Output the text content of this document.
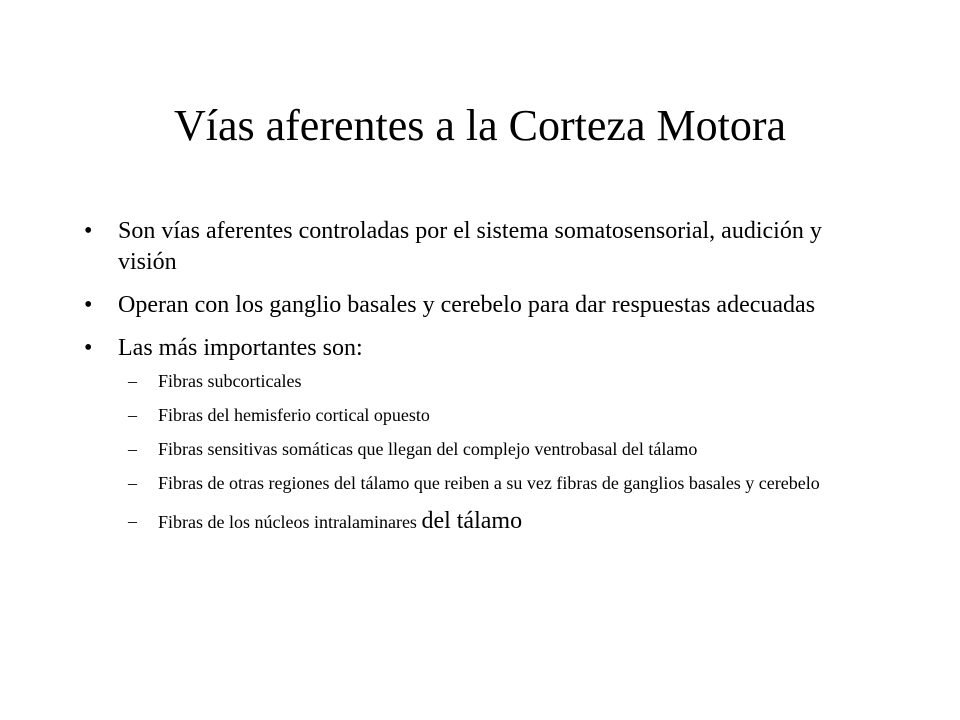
Vías aferentes a la Corteza Motora
•	Son vías aferentes controladas por el sistema somatosensorial, audición y visión
•	Operan con los ganglio basales y cerebelo para dar respuestas adecuadas
•	Las más importantes son:
– Fibras subcorticales
– Fibras del hemisferio cortical opuesto
– Fibras sensitivas somáticas que llegan del complejo ventrobasal del tálamo
– Fibras de otras regiones del tálamo que reiben a su vez fibras de ganglios basales y cerebelo
– Fibras de los núcleos intralaminares del tálamo
